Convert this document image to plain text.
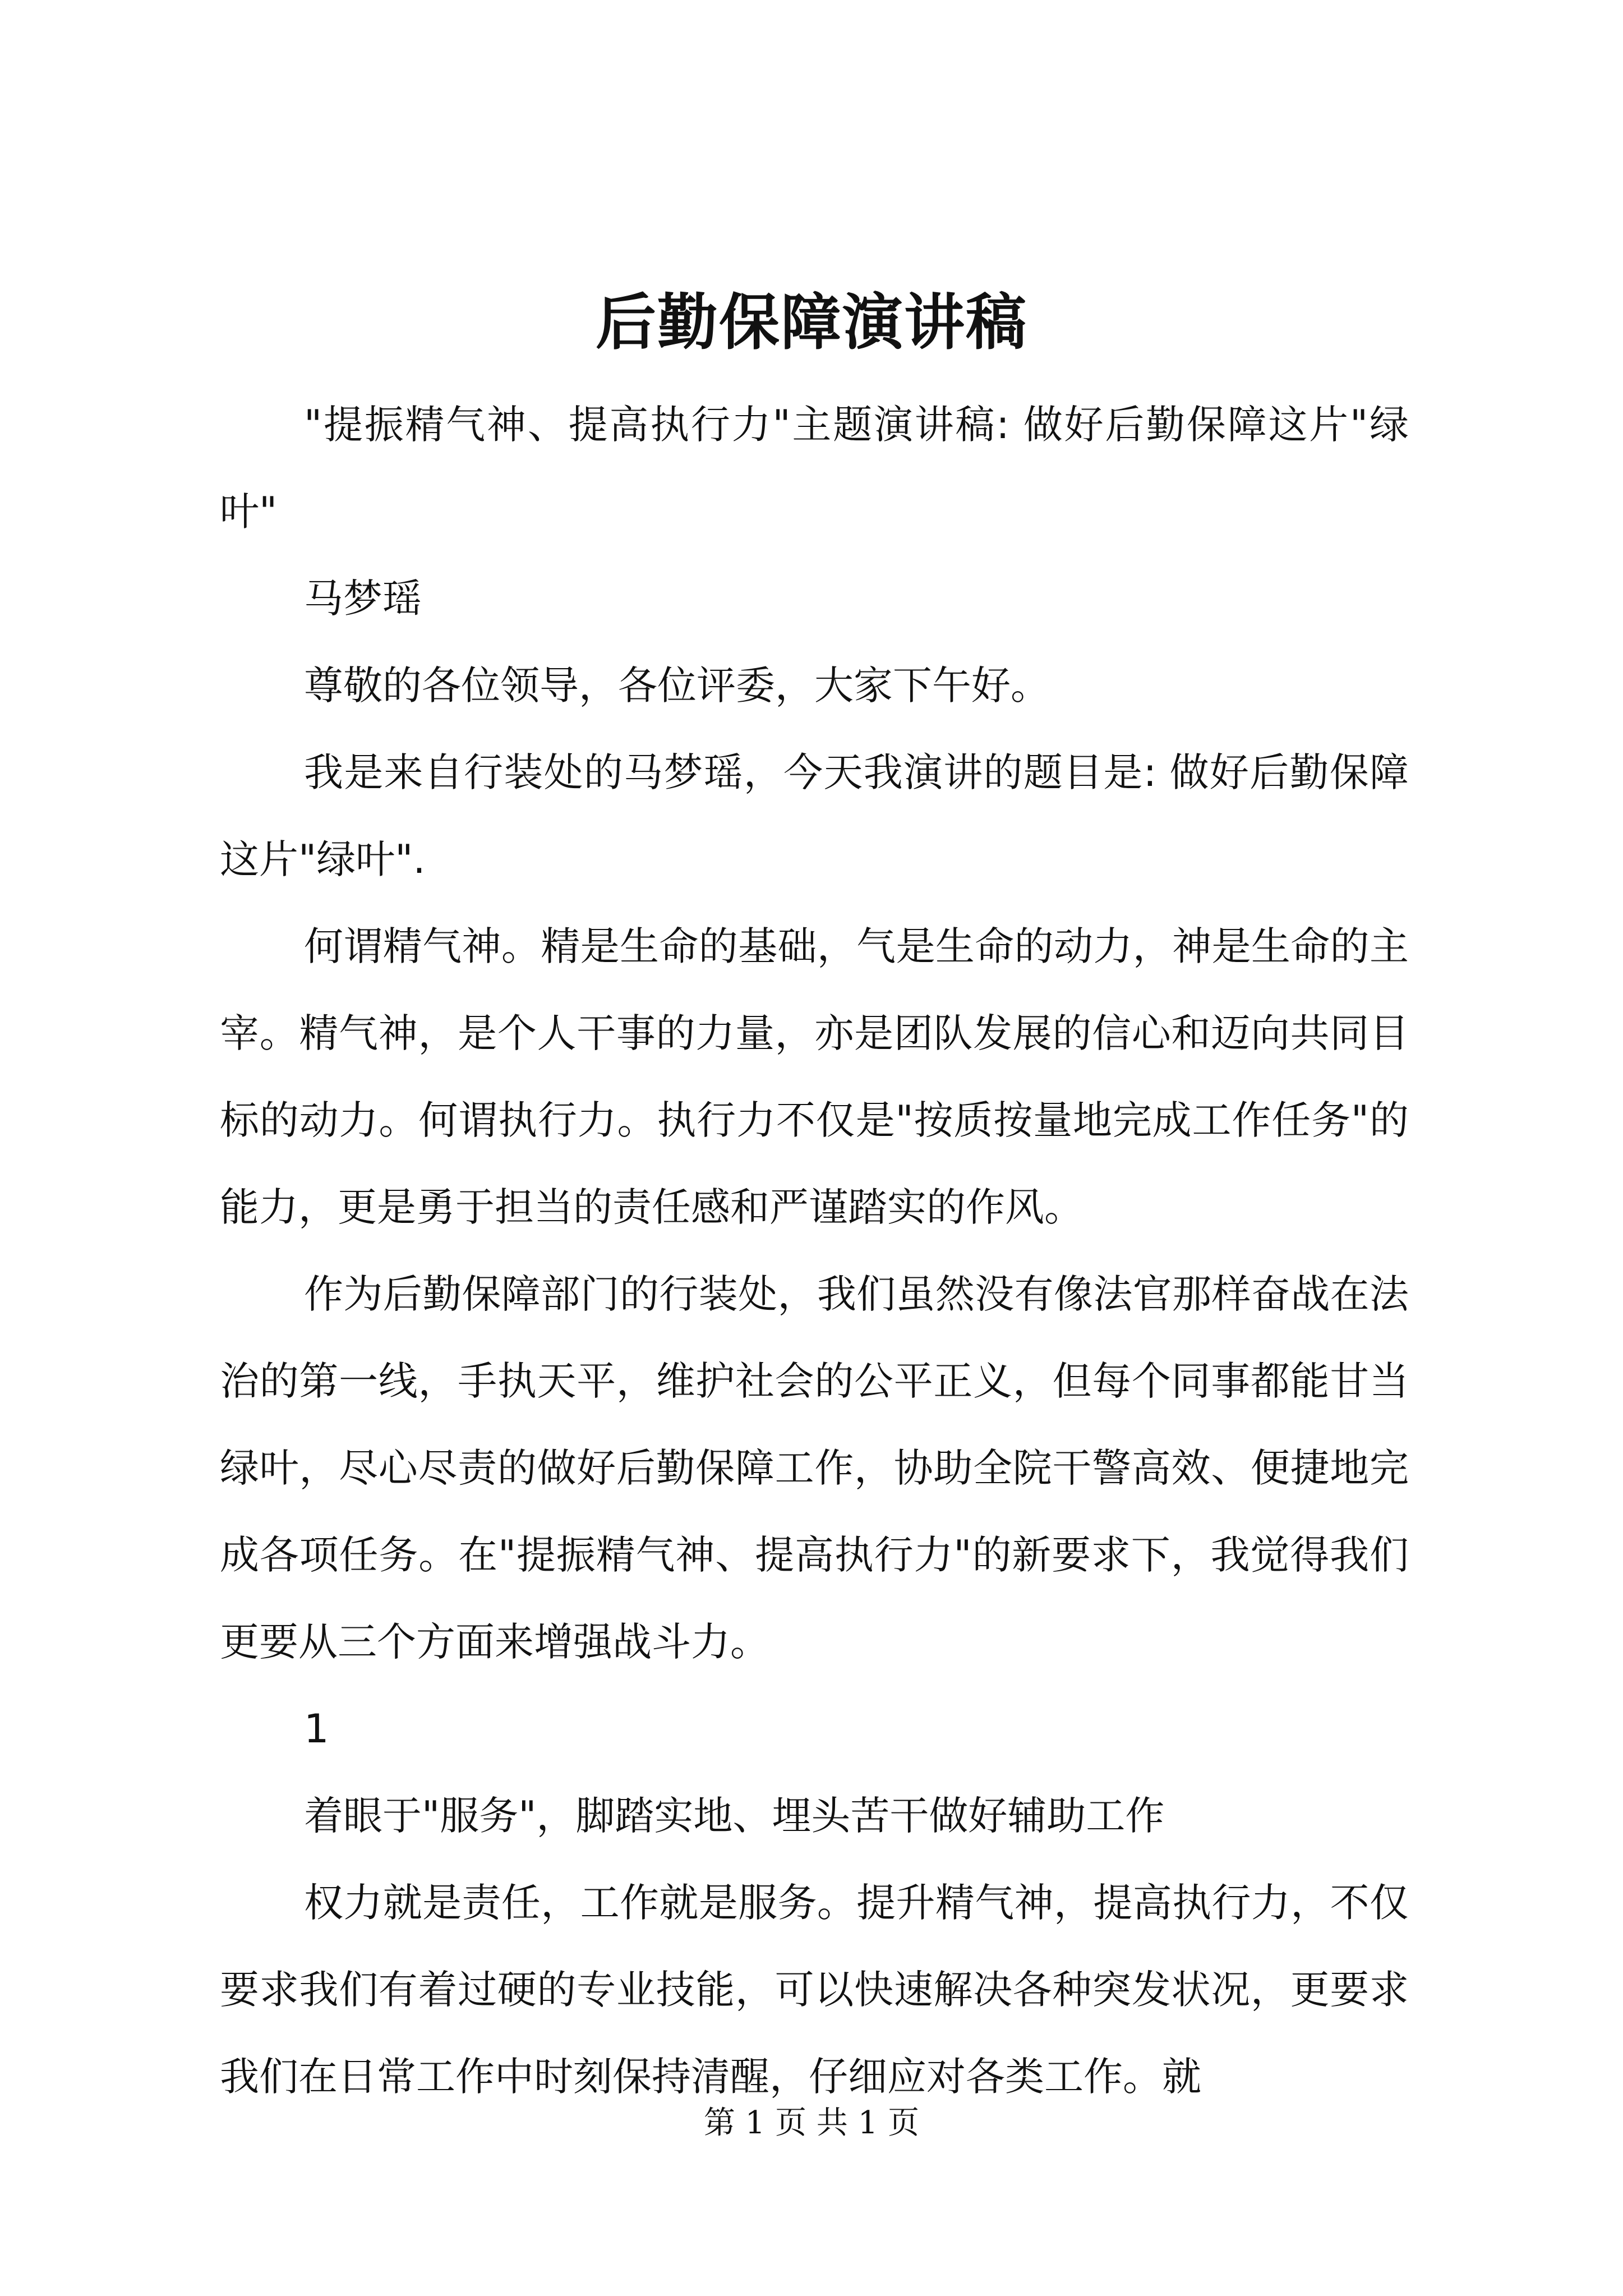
后勤保障演讲稿

"提振精气神、提高执行力"主题演讲稿: 做好后勤保障这片"绿叶"

马梦瑶

尊敬的各位领导，各位评委，大家下午好。

我是来自行装处的马梦瑶，今天我演讲的题目是: 做好后勤保障这片"绿叶".

何谓精气神。精是生命的基础，气是生命的动力，神是生命的主宰。精气神，是个人干事的力量，亦是团队发展的信心和迈向共同目标的动力。何谓执行力。执行力不仅是"按质按量地完成工作任务"的能力，更是勇于担当的责任感和严谨踏实的作风。

作为后勤保障部门的行装处，我们虽然没有像法官那样奋战在法治的第一线，手执天平，维护社会的公平正义，但每个同事都能甘当绿叶，尽心尽责的做好后勤保障工作，协助全院干警高效、便捷地完成各项任务。在"提振精气神、提高执行力"的新要求下，我觉得我们更要从三个方面来增强战斗力。

1

着眼于"服务"，脚踏实地、埋头苦干做好辅助工作

权力就是责任，工作就是服务。提升精气神，提高执行力，不仅要求我们有着过硬的专业技能，可以快速解决各种突发状况，更要求我们在日常工作中时刻保持清醒，仔细应对各类工作。就

第 1 页 共 1 页
